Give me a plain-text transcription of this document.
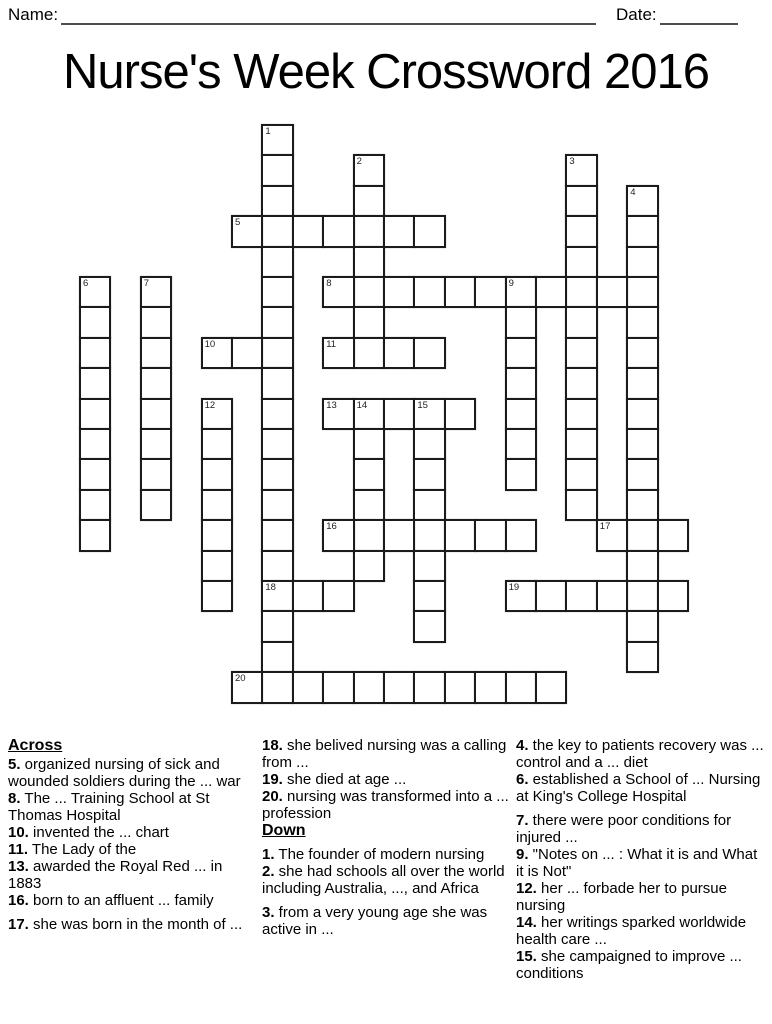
Name:	Date:
Nurse's Week Crossword 2016
1
18
2	3
4
5
6	7	8	9
10	11
12	13 14	15
16	17
19
20
Across
5. organized nursing of sick and wounded soldiers during the ... war
8. The ... Training School at St Thomas Hospital
10. invented the ... chart
11. The Lady of the
13. awarded the Royal Red ... in 1883
16. born to an affluent ... family
17. she was born in the month of ...
18. she belived nursing was a calling from ...
19. she died at age ...
20. nursing was transformed into a ... profession
Down
1. The founder of modern nursing
2. she had schools all over the world including Australia, ..., and Africa
3. from a very young age she was active in ...
4. the key to patients recovery was ... control and a ... diet
6. established a School of ... Nursing at King's College Hospital
7. there were poor conditions for injured ...
9. "Notes on ... : What it is and What it is Not"
12. her ... forbade her to pursue nursing
14. her writings sparked worldwide health care ...
15. she campaigned to improve ... conditions
